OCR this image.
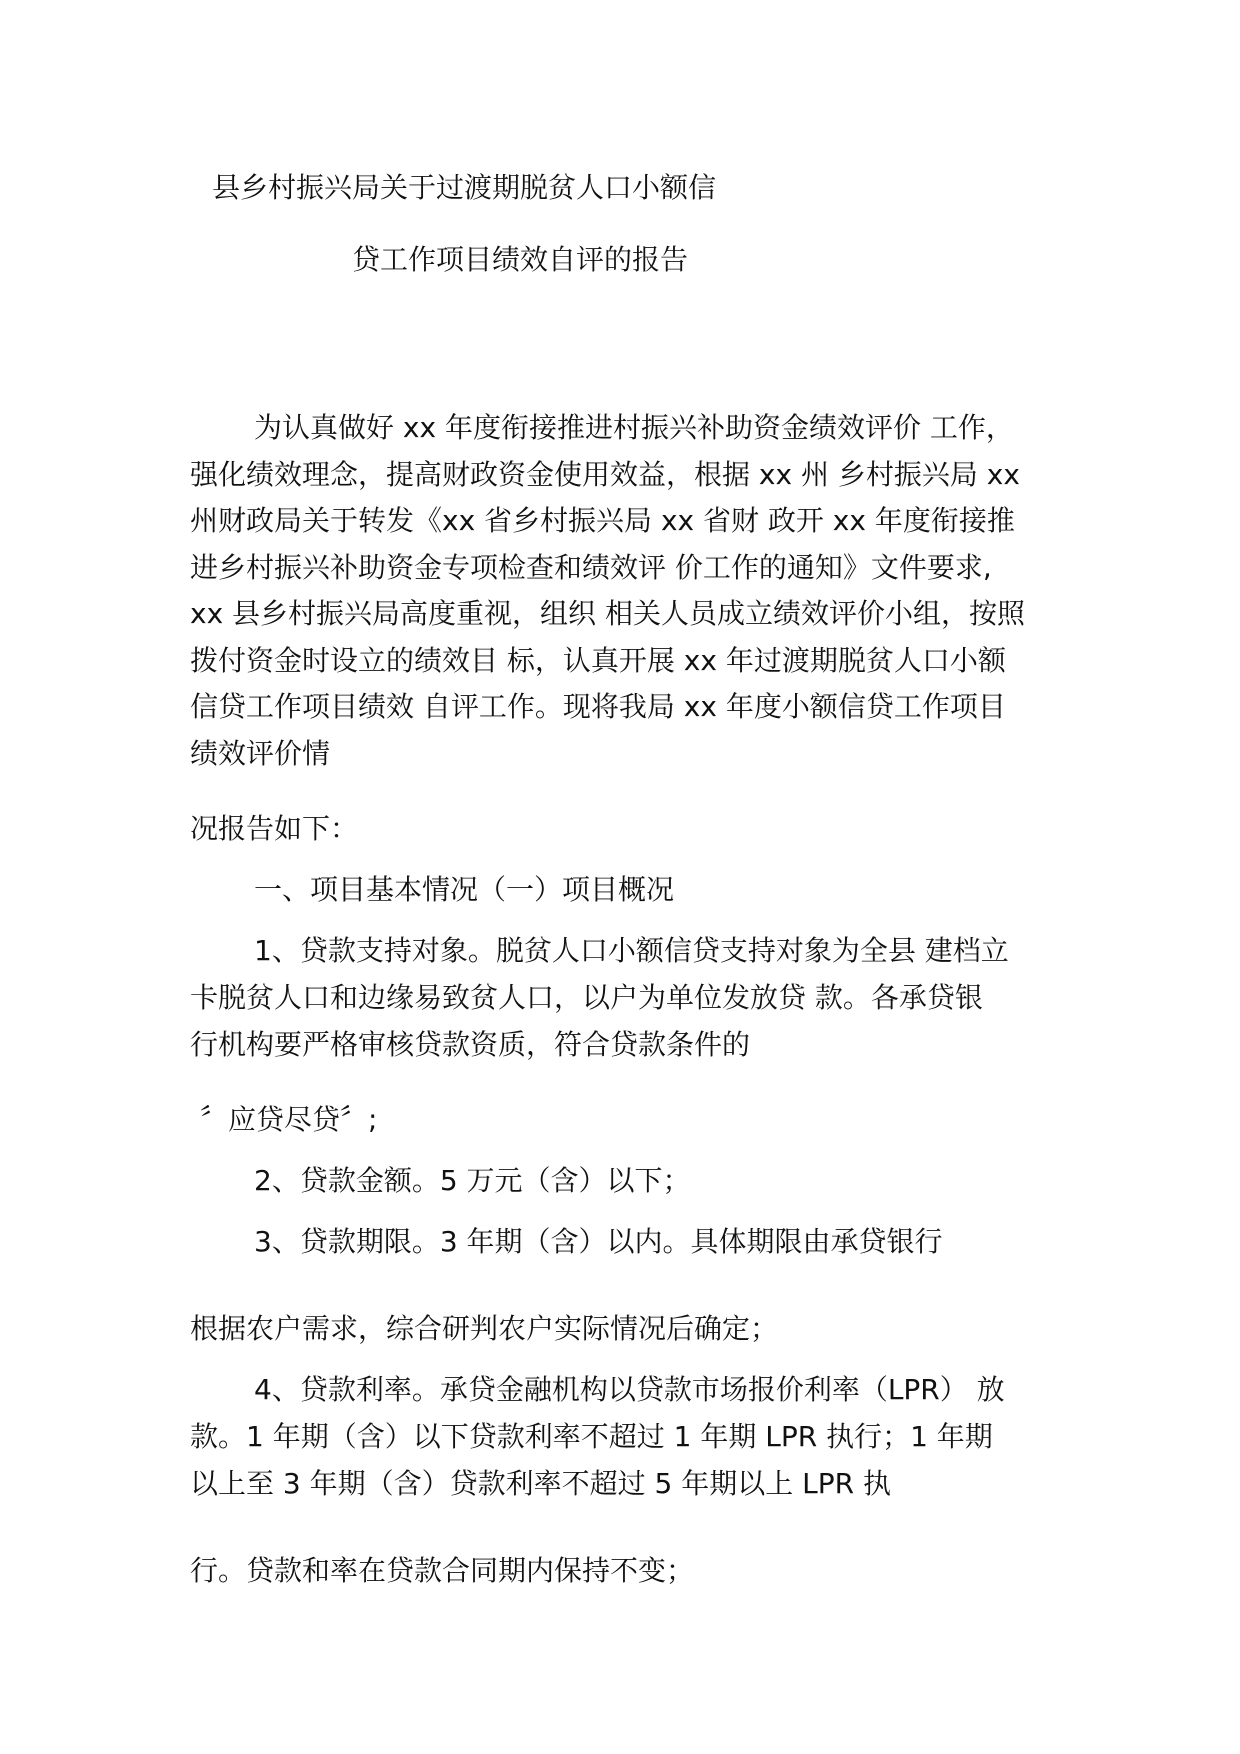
县乡村振兴局关于过渡期脱贫人口小额信
贷工作项目绩效自评的报告

为认真做好 xx 年度衔接推进村振兴补助资金绩效评价 工作，

强化绩效理念，提高财政资金使用效益，根据 xx 州 乡村振兴局 xx

州财政局关于转发《xx 省乡村振兴局 xx 省财 政开 xx 年度衔接推

进乡村振兴补助资金专项检查和绩效评 价工作的通知》文件要求,

xx 县乡村振兴局高度重视，组织 相关人员成立绩效评价小组，按照

拨付资金时设立的绩效目 标，认真开展 xx 年过渡期脱贫人口小额

信贷工作项目绩效 自评工作。现将我局 xx 年度小额信贷工作项目

绩效评价情

况报告如下：

一、项目基本情况（一）项目概况

1、贷款支持对象。脱贫人口小额信贷支持对象为全县 建档立

卡脱贫人口和边缘易致贫人口，以户为单位发放贷 款。各承贷银

行机构要严格审核贷款资质，符合贷款条件的

〞应贷尽贷〞;

2、贷款金额。5 万元（含）以下；

3、贷款期限。3 年期（含）以内。具体期限由承贷银行

根据农户需求，综合研判农户实际情况后确定；

4、贷款利率。承贷金融机构以贷款市场报价利率（LPR） 放

款。1 年期（含）以下贷款利率不超过 1 年期 LPR 执行；1 年期

以上至 3 年期（含）贷款利率不超过 5 年期以上 LPR 执

行。贷款和率在贷款合同期内保持不变；
